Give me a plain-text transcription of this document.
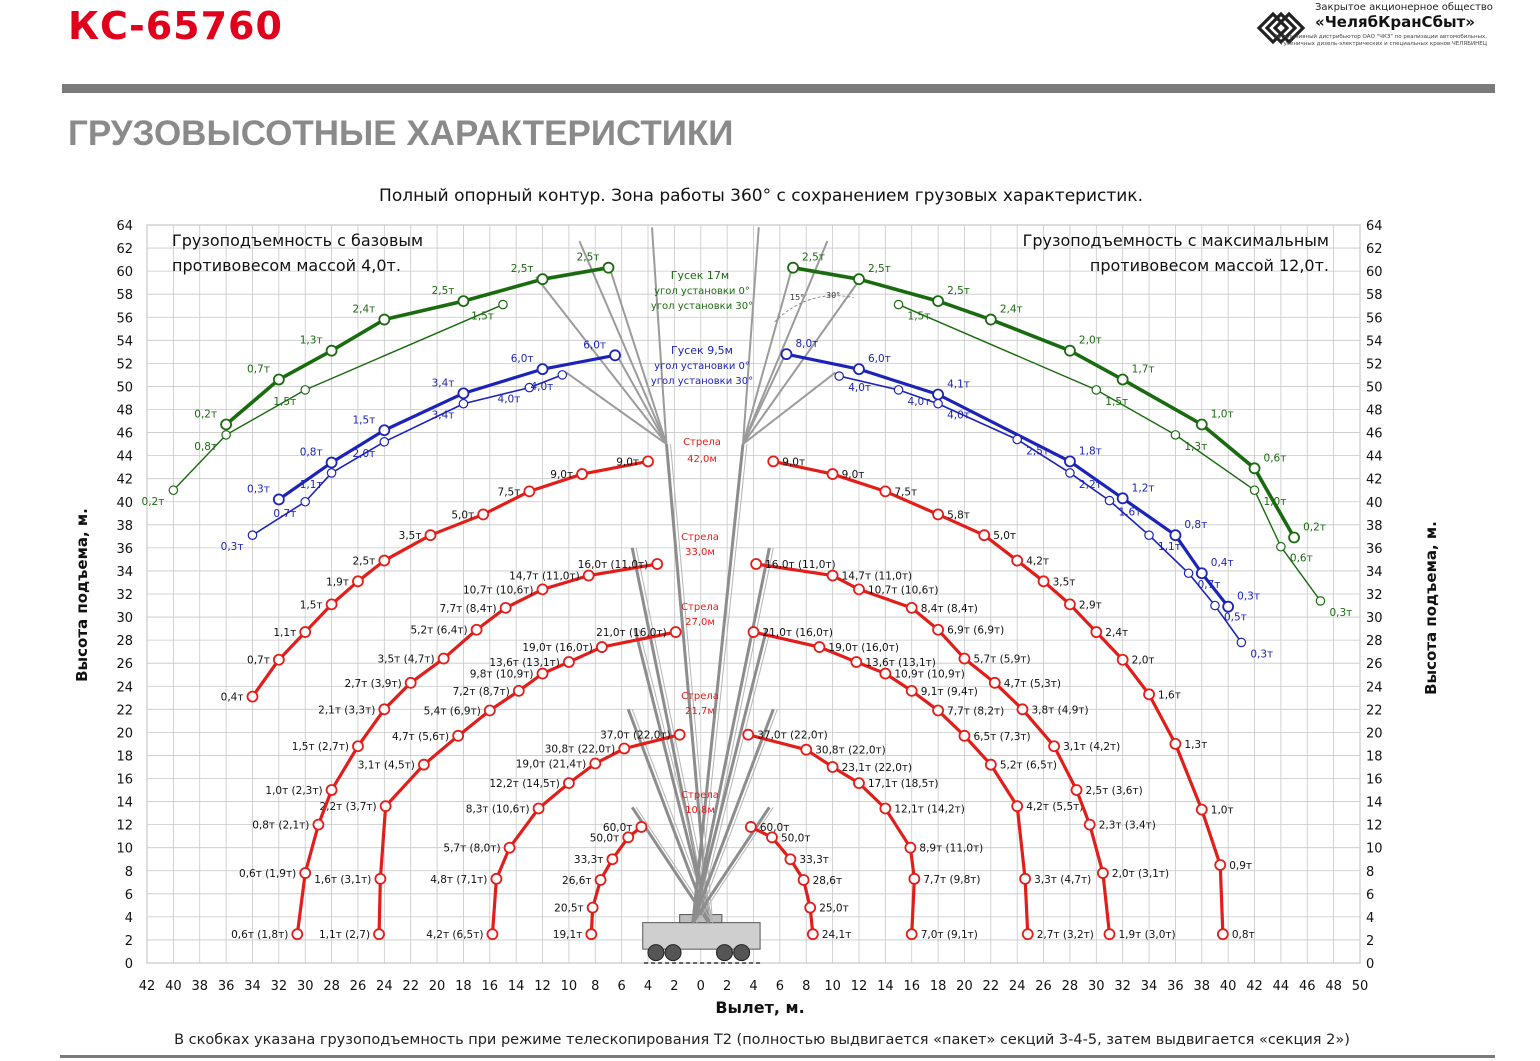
КС-65760	Закрытое акционерное общество
«ЧелябКранСбыт»
Эксклюзивный дистрибьютор ОАО "ЧКЗ" по реализации автомобильных, гусеничных дизель-электрических и специальных кранов ЧЕЛЯБИНЕЦ
ГРУЗОВЫСОТНЫЕ ХАРАКТЕРИСТИКИ
19,1т
20,5т
26,6т
33,3т
50,0т
60,0т
4,2т (6,5т)
4,8т (7,1т)
5,7т (8,0т)
8,3т (10,6т)
12,2т (14,5т)
19,0т (21,4т)
30,8т (22,0т)
37,0т (22,0т)
1,1т (2,7)
1,6т (3,1т)
2,2т (3,7т)
3,1т (4,5т)
4,7т (5,6т)
5,4т (6,9т)
7,2т (8,7т)
9,8т (10,9т)
13,6т (13,1т)
19,0т (16,0т)
21,0т (16,0т)
0,6т (1,8т)
0,6т (1,9т)
0,8т (2,1т)
1,0т (2,3т)
1,5т (2,7т)
2,1т (3,3т)
2,7т (3,9т)
3,5т (4,7т)
5,2т (6,4т)
7,7т (8,4т)
10,7т (10,6т)
14,7т (11,0т)
16,0т (11,0т)
0,4т
0,7т
1,1т
1,5т
1,9т
2,5т
3,5т
5,0т
7,5т
9,0т
9,0т
24,1т
25,0т
28,6т
33,3т
50,0т
60,0т
7,0т (9,1т)
7,7т (9,8т)
8,9т (11,0т)
12,1т (14,2т)
17,1т (18,5т)
23,1т (22,0т)
30,8т (22,0т)
37,0т (22,0т)
2,7т (3,2т)
3,3т (4,7т)
4,2т (5,5т)
5,2т (6,5т)
6,5т (7,3т)
7,7т (8,2т)
9,1т (9,4т)
10,9т (10,9т)
13,6т (13,1т)
19,0т (16,0т)
21,0т (16,0т)
1,9т (3,0т)
2,0т (3,1т)
2,3т (3,4т)
2,5т (3,6т)
3,1т (4,2т)
3,8т (4,9т)
4,7т (5,3т)
5,7т (5,9т)
6,9т (6,9т)
8,4т (8,4т)
10,7т (10,6т)
14,7т (11,0т)
16,0т (11,0т)
0,8т
0,9т
1,0т
1,3т
1,6т
2,0т
2,4т
2,9т
3,5т
4,2т
5,0т
5,8т
7,5т
9,0т
9,0т
0,3т
0,8т
1,5т
3,4т
6,0т
6,0т
0,3т
0,7т
1,1т
2,0т
3,4т
4,0т
4,0т
8,0т
6,0т
4,1т
1,8т
1,2т
0,8т
0,4т
0,3т
4,0т
4,0т
4,0т
2,5т
2,2т
1,6т
1,1т
0,7т
0,5т
0,3т
0,2т
0,7т
1,3т
2,4т
2,5т
2,5т
2,5т
0,2т
0,8т
1,5т
1,5т
2,5т
2,5т
2,5т
2,4т
2,0т
1,7т
1,0т
0,6т
0,2т
1,5т
1,5т
1,3т
1,0т
0,6т
0,3т
42 40 38 36 34 32 30 28 26 24 22 20 18 16 14 12 10 8 6 4 2 0 2 4 6 8 10 12 14 16 18 20 22 24 26 28 30 32 34 36 38 40 42 44 46 48 50
0	0
2	2
4	4
6	6
8	8
10	10
12	12
14	14
16	16
18	18
20	20
22	22
24	24
26	26
28	28
30	30
32	32
34	34
36	36
38	38
40	40
42	42
44	44
46	46
48	48
50	50
52	52
54	54
56	56
58	58
60	60
62	62
64	64
Полный опорный контур. Зона работы 360° с сохранением грузовых характеристик.
Вылет, м.
Высота подъема, м.	Высота подъема, м.
Грузоподъемность с базовым
противовесом массой 4,0т.
Грузоподъемность с максимальным
противовесом массой 12,0т.
Гусек 17м
угол установки 0°
угол установки 30°
Гусек 9,5м
угол установки 0°
угол установки 30°
Стрела
42,0м
Стрела
33,0м
Стрела
27,0м
Стрела
21,7м
Стрела
10,8м
15°	30°
В скобках указана грузоподъемность при режиме телескопирования Т2 (полностью выдвигается «пакет» секций 3-4-5, затем выдвигается «секция 2»)
